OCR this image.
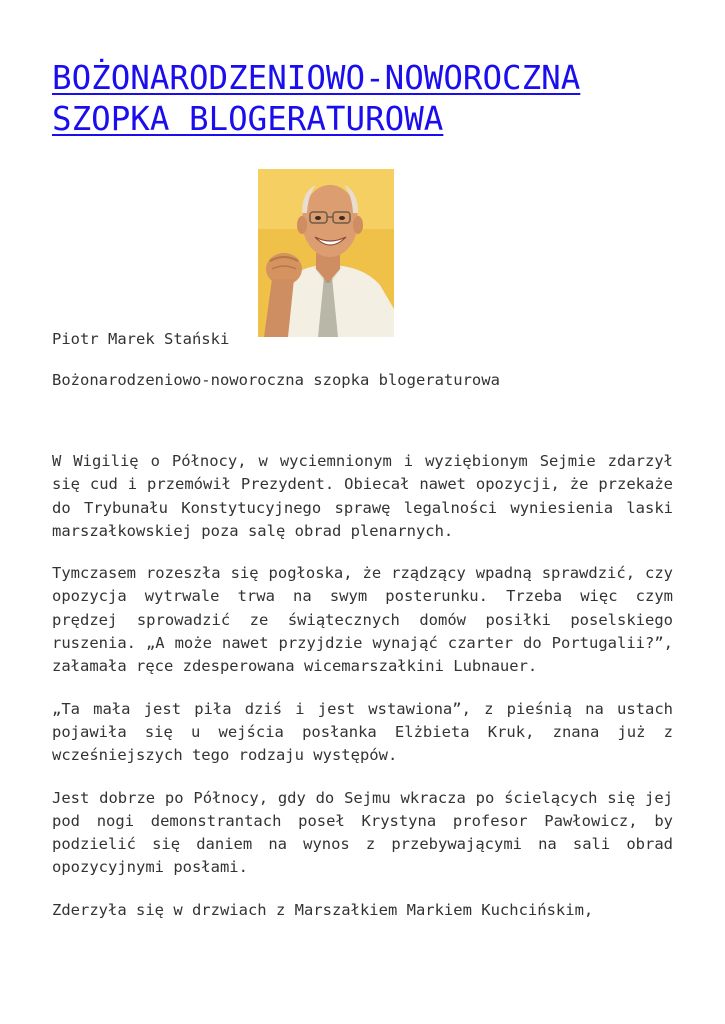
BOŻONARODZENIOWO-NOWOROCZNA SZOPKA BLOGERATUROWA

Piotr Marek Stański

Bożonarodzeniowo-noworoczna szopka blogeraturowa

W Wigilię o Północy, w wyciemnionym i wyziębionym Sejmie zdarzył się cud i przemówił Prezydent. Obiecał nawet opozycji, że przekaże do Trybunału Konstytucyjnego sprawę legalności wyniesienia laski marszałkowskiej poza salę obrad plenarnych.

Tymczasem rozeszła się pogłoska, że rządzący wpadną sprawdzić, czy opozycja wytrwale trwa na swym posterunku. Trzeba więc czym prędzej sprowadzić ze świątecznych domów posiłki poselskiego ruszenia. „A może nawet przyjdzie wynająć czarter do Portugalii?”, załamała ręce zdesperowana wicemarszałkini Lubnauer.

„Ta mała jest piła dziś i jest wstawiona”, z pieśnią na ustach pojawiła się u wejścia posłanka Elżbieta Kruk, znana już z wcześniejszych tego rodzaju występów.

Jest dobrze po Północy, gdy do Sejmu wkracza po ścielących się jej pod nogi demonstrantach poseł Krystyna profesor Pawłowicz, by podzielić się daniem na wynos z przebywającymi na sali obrad opozycyjnymi posłami.

Zderzyła się w drzwiach z Marszałkiem Markiem Kuchcińskim,
